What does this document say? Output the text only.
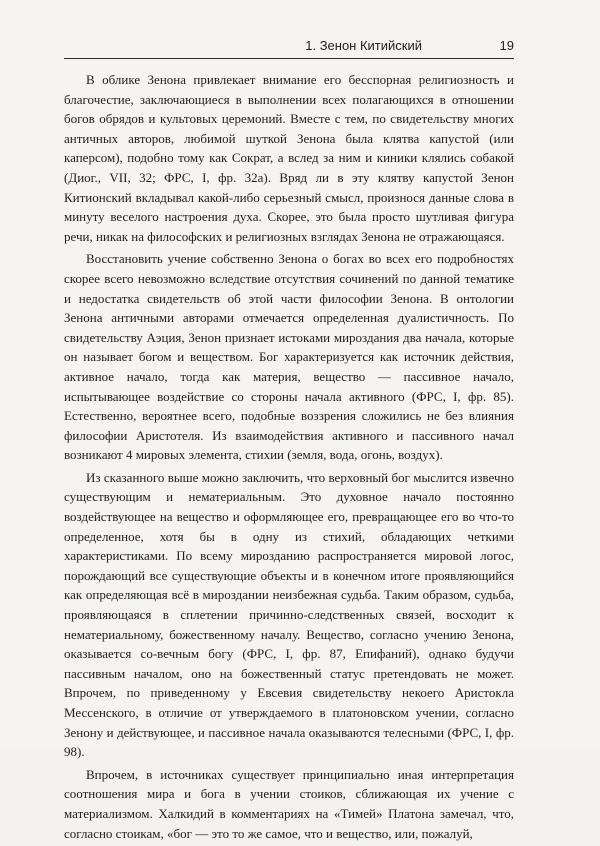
1. Зенон Китийский	19

В облике Зенона привлекает внимание его бесспорная религиозность и благочестие, заключающиеся в выполнении всех полагающихся в отношении богов обрядов и культовых церемоний. Вместе с тем, по свидетельству многих античных авторов, любимой шуткой Зенона была клятва капустой (или каперсом), подобно тому как Сократ, а вслед за ним и киники клялись собакой (Диог., VII, 32; ФРС, I, фр. 32а). Вряд ли в эту клятву капустой Зенон Китионский вкладывал какой-либо серьезный смысл, произнося данные слова в минуту веселого настроения духа. Скорее, это была просто шутливая фигура речи, никак на философских и религиозных взглядах Зенона не отражающаяся.

Восстановить учение собственно Зенона о богах во всех его подробностях скорее всего невозможно вследствие отсутствия сочинений по данной тематике и недостатка свидетельств об этой части философии Зенона. В онтологии Зенона античными авторами отмечается определенная дуалистичность. По свидетельству Аэция, Зенон признает истоками мироздания два начала, которые он называет богом и веществом. Бог характеризуется как источник действия, активное начало, тогда как материя, вещество — пассивное начало, испытывающее воздействие со стороны начала активного (ФРС, I, фр. 85). Естественно, вероятнее всего, подобные воззрения сложились не без влияния философии Аристотеля. Из взаимодействия активного и пассивного начал возникают 4 мировых элемента, стихии (земля, вода, огонь, воздух).

Из сказанного выше можно заключить, что верховный бог мыслится извечно существующим и нематериальным. Это духовное начало постоянно воздействующее на вещество и оформляющее его, превращающее его во что-то определенное, хотя бы в одну из стихий, обладающих четкими характеристиками. По всему мирозданию распространяется мировой логос, порождающий все существующие объекты и в конечном итоге проявляющийся как определяющая всё в мироздании неизбежная судьба. Таким образом, судьба, проявляющаяся в сплетении причинно-следственных связей, восходит к нематериальному, божественному началу. Вещество, согласно учению Зенона, оказывается со-вечным богу (ФРС, I, фр. 87, Епифаний), однако будучи пассивным началом, оно на божественный статус претендовать не может. Впрочем, по приведенному у Евсевия свидетельству некоего Аристокла Мессенского, в отличие от утверждаемого в платоновском учении, согласно Зенону и действующее, и пассивное начала оказываются телесными (ФРС, I, фр. 98).

Впрочем, в источниках существует принципиально иная интерпретация соотношения мира и бога в учении стоиков, сближающая их учение с материализмом. Халкидий в комментариях на «Тимей» Платона замечал, что, согласно стоикам, «бог — это то же самое, что и вещество, или, пожалуй,
